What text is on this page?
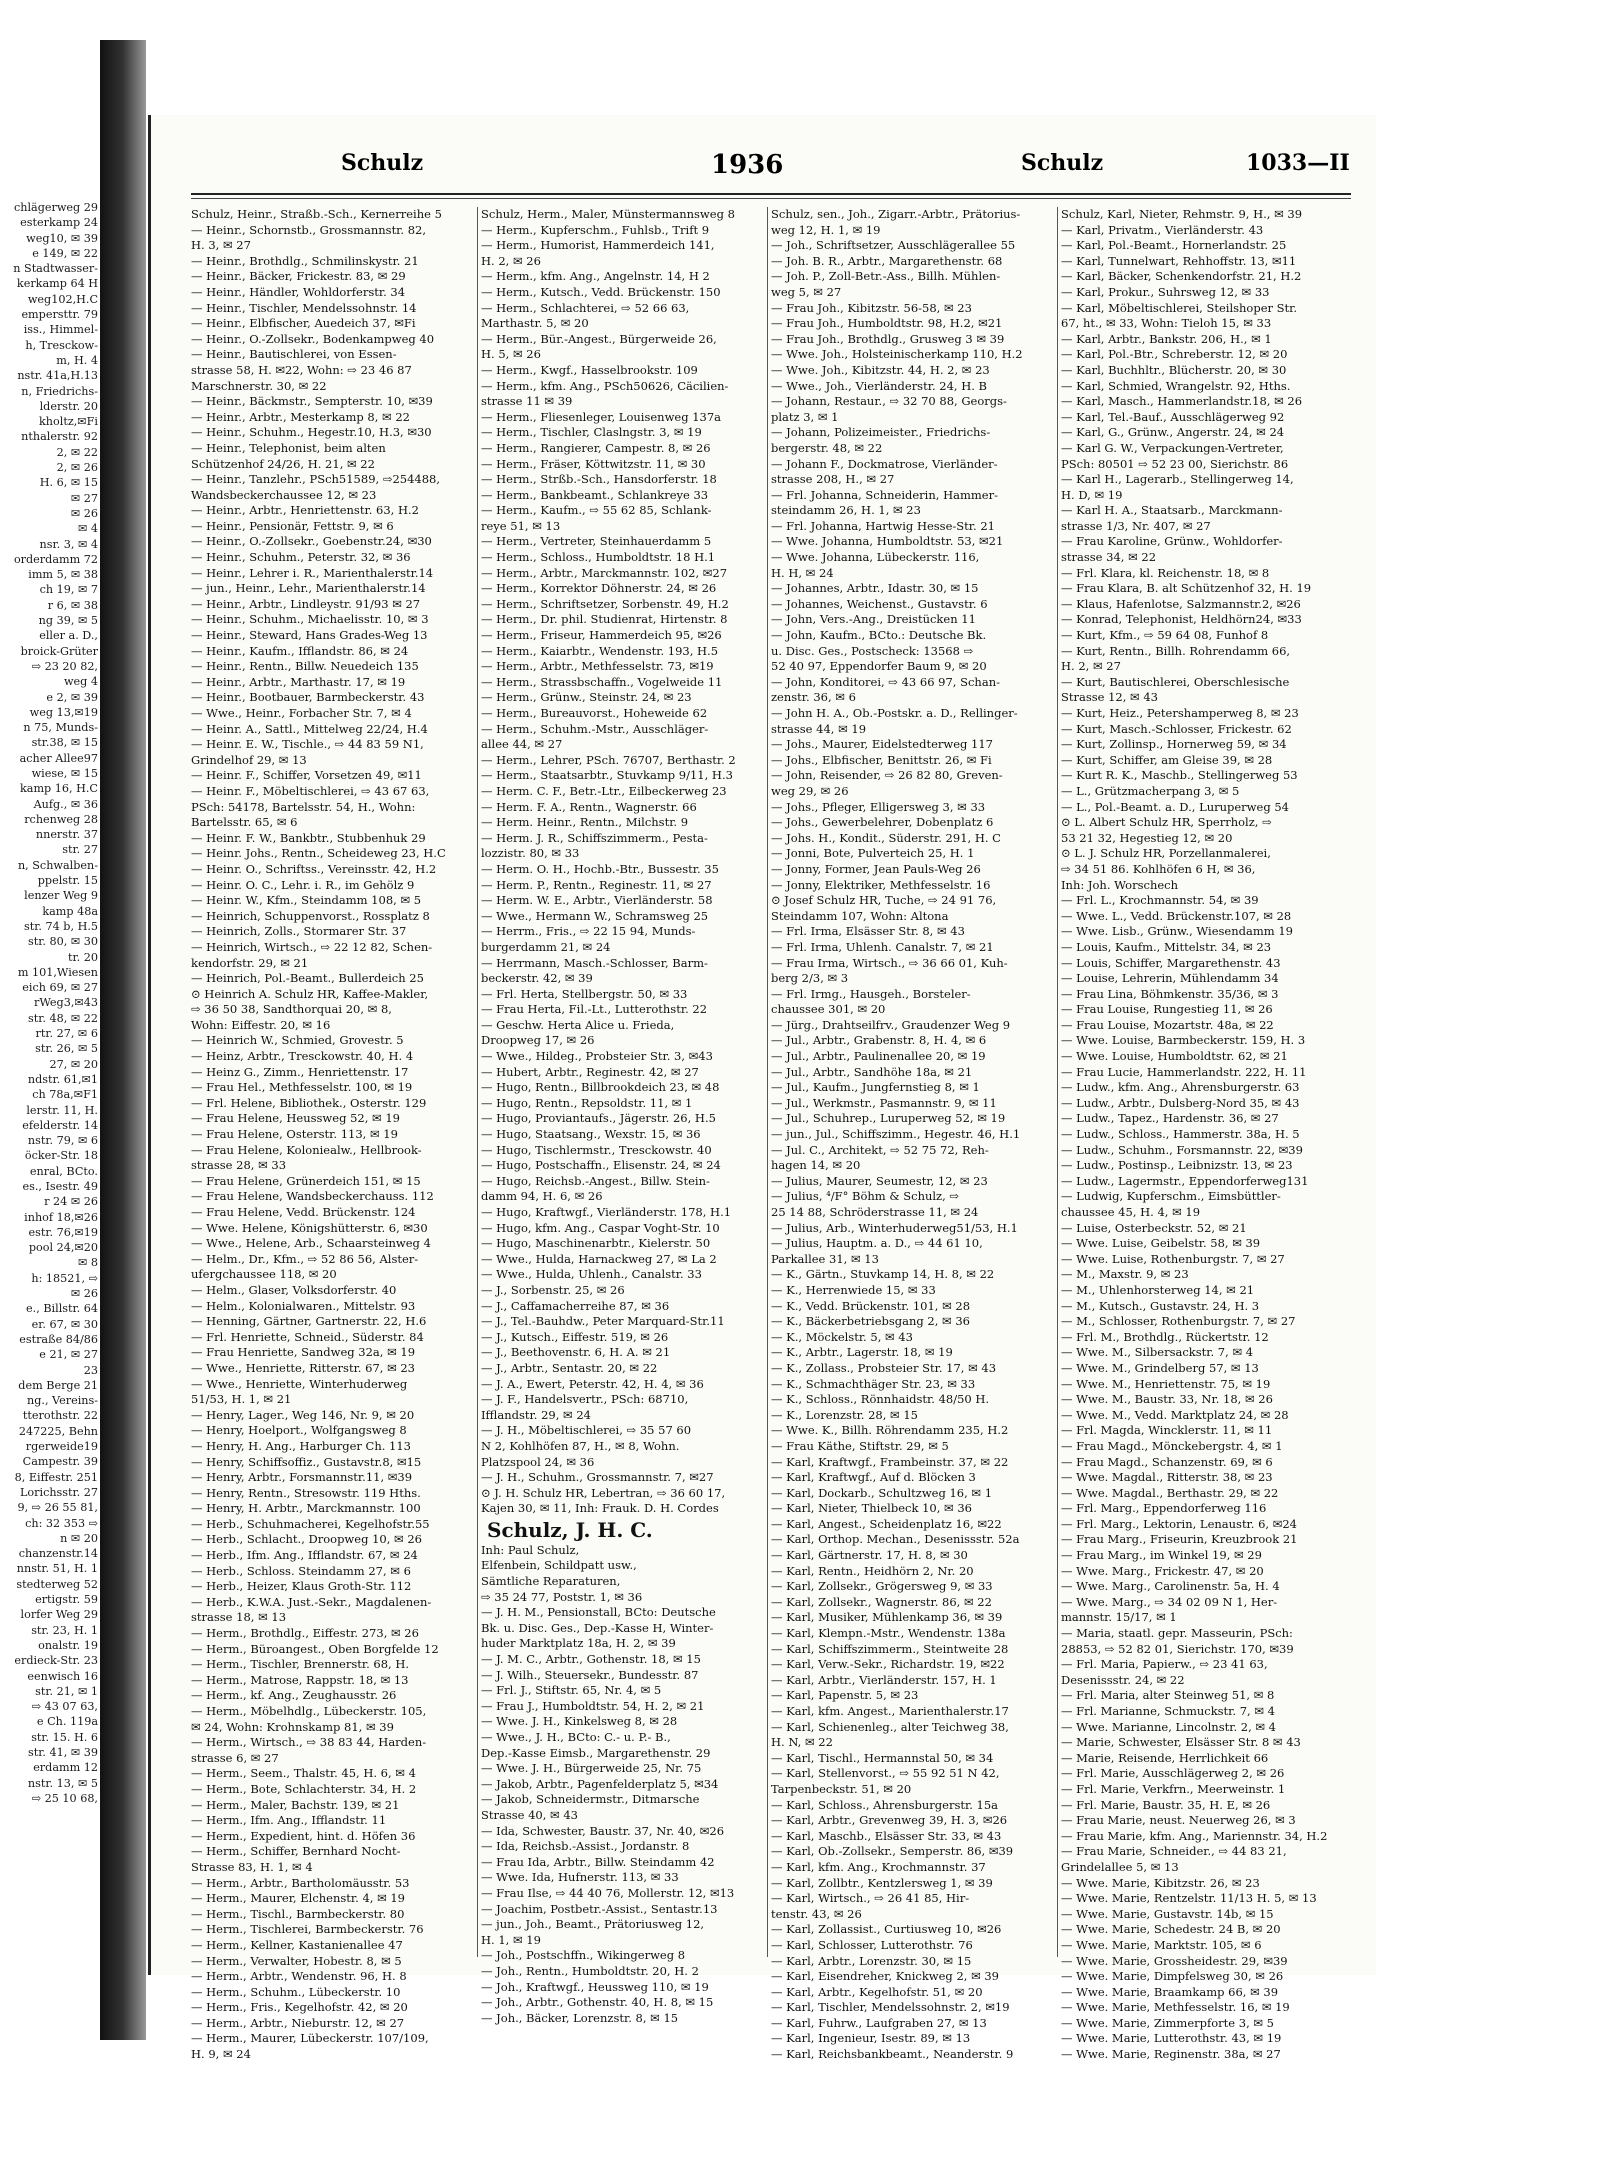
chlägerweg 29
esterkamp 24
weg10, ✉ 39
e 149, ✉ 22
n Stadtwasser-
kerkamp 64 H
weg102,H.C
empersttr. 79
iss., Himmel-
h, Tresckow-
m, H. 4
nstr. 41a,H.13
n, Friedrichs-
lderstr. 20
kholtz,✉Fi
nthalerstr. 92
2, ✉ 22
2, ✉ 26
H. 6, ✉ 15
✉ 27
✉ 26
✉ 4
nsr. 3, ✉ 4
orderdamm 72
imm 5, ✉ 38
ch 19, ✉ 7
r 6, ✉ 38
ng 39, ✉ 5
eller a. D.,
broick-Grüter
⇨ 23 20 82,
weg 4
e 2, ✉ 39
weg 13,✉19
n 75, Munds-
str.38, ✉ 15
acher Allee97
wiese, ✉ 15
kamp 16, H.C
Aufg., ✉ 36
rchenweg 28
nnerstr. 37
str. 27
n, Schwalben-
ppelstr. 15
lenzer Weg 9
kamp 48a
str. 74 b, H.5
str. 80, ✉ 30
tr. 20
m 101,Wiesen
eich 69, ✉ 27
rWeg3,✉43
str. 48, ✉ 22
rtr. 27, ✉ 6
str. 26, ✉ 5
27, ✉ 20
ndstr. 61,✉1
ch 78a,✉F1
lerstr. 11, H.
efelderstr. 14
nstr. 79, ✉ 6
öcker-Str. 18
enral, BCto.
es., Isestr. 49
r 24 ✉ 26
inhof 18,✉26
estr. 76,✉19
pool 24,✉20
✉ 8
h: 18521, ⇨
✉ 26
e., Billstr. 64
er. 67, ✉ 30
estraße 84/86
e 21, ✉ 27
23
dem Berge 21
ng., Vereins-
tterothstr. 22
247225, Behn
rgerweide19
Campestr. 39
8, Eiffestr. 251
Lorichsstr. 27
9, ⇨ 26 55 81,
ch: 32 353 ⇨
n ✉ 20
chanzenstr.14
nnstr. 51, H. 1
stedterweg 52
ertigstr. 59
lorfer Weg 29
str. 23, H. 1
onalstr. 19
erdieck-Str. 23
eenwisch 16
str. 21, ✉ 1
⇨ 43 07 63,
e Ch. 119a
str. 15. H. 6
str. 41, ✉ 39
erdamm 12
nstr. 13, ✉ 5
⇨ 25 10 68,
Schulz	1936	Schulz	1033—II
Schulz, Heinr., Straßb.-Sch., Kernerreihe 5
— Heinr., Schornstb., Grossmannstr. 82,
H. 3, ✉ 27
— Heinr., Brothdlg., Schmilinskystr. 21
— Heinr., Bäcker, Frickestr. 83, ✉ 29
— Heinr., Händler, Wohldorferstr. 34
— Heinr., Tischler, Mendelssohnstr. 14
— Heinr., Elbfischer, Auedeich 37, ✉Fi
— Heinr., O.-Zollsekr., Bodenkampweg 40
— Heinr., Bautischlerei, von Essen-
strasse 58, H. ✉22, Wohn: ⇨ 23 46 87
Marschnerstr. 30, ✉ 22
— Heinr., Bäckmstr., Sempterstr. 10, ✉39
— Heinr., Arbtr., Mesterkamp 8, ✉ 22
— Heinr., Schuhm., Hegestr.10, H.3, ✉30
— Heinr., Telephonist, beim alten
Schützenhof 24/26, H. 21, ✉ 22
— Heinr., Tanzlehr., PSch51589, ⇨254488,
Wandsbeckerchaussee 12, ✉ 23
— Heinr., Arbtr., Henriettenstr. 63, H.2
— Heinr., Pensionär, Fettstr. 9, ✉ 6
— Heinr., O.-Zollsekr., Goebenstr.24, ✉30
— Heinr., Schuhm., Peterstr. 32, ✉ 36
— Heinr., Lehrer i. R., Marienthalerstr.14
— jun., Heinr., Lehr., Marienthalerstr.14
— Heinr., Arbtr., Lindleystr. 91/93 ✉ 27
— Heinr., Schuhm., Michaelisstr. 10, ✉ 3
— Heinr., Steward, Hans Grades-Weg 13
— Heinr., Kaufm., Ifflandstr. 86, ✉ 24
— Heinr., Rentn., Billw. Neuedeich 135
— Heinr., Arbtr., Marthastr. 17, ✉ 19
— Heinr., Bootbauer, Barmbeckerstr. 43
— Wwe., Heinr., Forbacher Str. 7, ✉ 4
— Heinr. A., Sattl., Mittelweg 22/24, H.4
— Heinr. E. W., Tischle., ⇨ 44 83 59 N1,
Grindelhof 29, ✉ 13
— Heinr. F., Schiffer, Vorsetzen 49, ✉11
— Heinr. F., Möbeltischlerei, ⇨ 43 67 63,
PSch: 54178, Bartelsstr. 54, H., Wohn:
Bartelsstr. 65, ✉ 6
— Heinr. F. W., Bankbtr., Stubbenhuk 29
— Heinr. Johs., Rentn., Scheideweg 23, H.C
— Heinr. O., Schriftss., Vereinsstr. 42, H.2
— Heinr. O. C., Lehr. i. R., im Gehölz 9
— Heinr. W., Kfm., Steindamm 108, ✉ 5
— Heinrich, Schuppenvorst., Rossplatz 8
— Heinrich, Zolls., Stormarer Str. 37
— Heinrich, Wirtsch., ⇨ 22 12 82, Schen-
kendorfstr. 29, ✉ 21
— Heinrich, Pol.-Beamt., Bullerdeich 25
⊙ Heinrich A. Schulz HR, Kaffee-Makler,
⇨ 36 50 38, Sandthorquai 20, ✉ 8,
Wohn: Eiffestr. 20, ✉ 16
— Heinrich W., Schmied, Grovestr. 5
— Heinz, Arbtr., Tresckowstr. 40, H. 4
— Heinz G., Zimm., Henriettenstr. 17
— Frau Hel., Methfesselstr. 100, ✉ 19
— Frl. Helene, Bibliothek., Osterstr. 129
— Frau Helene, Heussweg 52, ✉ 19
— Frau Helene, Osterstr. 113, ✉ 19
— Frau Helene, Koloniealw., Hellbrook-
strasse 28, ✉ 33
— Frau Helene, Grünerdeich 151, ✉ 15
— Frau Helene, Wandsbeckerchauss. 112
— Frau Helene, Vedd. Brückenstr. 124
— Wwe. Helene, Königshütterstr. 6, ✉30
— Wwe., Helene, Arb., Schaarsteinweg 4
— Helm., Dr., Kfm., ⇨ 52 86 56, Alster-
ufergchaussee 118, ✉ 20
— Helm., Glaser, Volksdorferstr. 40
— Helm., Kolonialwaren., Mittelstr. 93
— Henning, Gärtner, Gartnerstr. 22, H.6
— Frl. Henriette, Schneid., Süderstr. 84
— Frau Henriette, Sandweg 32a, ✉ 19
— Wwe., Henriette, Ritterstr. 67, ✉ 23
— Wwe., Henriette, Winterhuderweg
51/53, H. 1, ✉ 21
— Henry, Lager., Weg 146, Nr. 9, ✉ 20
— Henry, Hoelport., Wolfgangsweg 8
— Henry, H. Ang., Harburger Ch. 113
— Henry, Schiffsoffiz., Gustavstr.8, ✉15
— Henry, Arbtr., Forsmannstr.11, ✉39
— Henry, Rentn., Stresowstr. 119 Hths.
— Henry, H. Arbtr., Marckmannstr. 100
— Herb., Schuhmacherei, Kegelhofstr.55
— Herb., Schlacht., Droopweg 10, ✉ 26
— Herb., Ifm. Ang., Ifflandstr. 67, ✉ 24
— Herb., Schloss. Steindamm 27, ✉ 6
— Herb., Heizer, Klaus Groth-Str. 112
— Herb., K.W.A. Just.-Sekr., Magdalenen-
strasse 18, ✉ 13
— Herm., Brothdlg., Eiffestr. 273, ✉ 26
— Herm., Büroangest., Oben Borgfelde 12
— Herm., Tischler, Brennerstr. 68, H.
— Herm., Matrose, Rappstr. 18, ✉ 13
— Herm., kf. Ang., Zeughausstr. 26
— Herm., Möbelhdlg., Lübeckerstr. 105,
✉ 24, Wohn: Krohnskamp 81, ✉ 39
— Herm., Wirtsch., ⇨ 38 83 44, Harden-
strasse 6, ✉ 27
— Herm., Seem., Thalstr. 45, H. 6, ✉ 4
— Herm., Bote, Schlachterstr. 34, H. 2
— Herm., Maler, Bachstr. 139, ✉ 21
— Herm., Ifm. Ang., Ifflandstr. 11
— Herm., Expedient, hint. d. Höfen 36
— Herm., Schiffer, Bernhard Nocht-
Strasse 83, H. 1, ✉ 4
— Herm., Arbtr., Bartholomäusstr. 53
— Herm., Maurer, Elchenstr. 4, ✉ 19
— Herm., Tischl., Barmbeckerstr. 80
— Herm., Tischlerei, Barmbeckerstr. 76
— Herm., Kellner, Kastanienallee 47
— Herm., Verwalter, Hobestr. 8, ✉ 5
— Herm., Arbtr., Wendenstr. 96, H. 8
— Herm., Schuhm., Lübeckerstr. 10
— Herm., Fris., Kegelhofstr. 42, ✉ 20
— Herm., Arbtr., Nieburstr. 12, ✉ 27
— Herm., Maurer, Lübeckerstr. 107/109,
H. 9, ✉ 24
Schulz, Herm., Maler, Münstermannsweg 8
— Herm., Kupferschm., Fuhlsb., Trift 9
— Herm., Humorist, Hammerdeich 141,
H. 2, ✉ 26
— Herm., kfm. Ang., Angelnstr. 14, H 2
— Herm., Kutsch., Vedd. Brückenstr. 150
— Herm., Schlachterei, ⇨ 52 66 63,
Marthastr. 5, ✉ 20
— Herm., Bür.-Angest., Bürgerweide 26,
H. 5, ✉ 26
— Herm., Kwgf., Hasselbrookstr. 109
— Herm., kfm. Ang., PSch50626, Cäcilien-
strasse 11 ✉ 39
— Herm., Fliesenleger, Louisenweg 137a
— Herm., Tischler, Claslngstr. 3, ✉ 19
— Herm., Rangierer, Campestr. 8, ✉ 26
— Herm., Fräser, Köttwitzstr. 11, ✉ 30
— Herm., Strßb.-Sch., Hansdorferstr. 18
— Herm., Bankbeamt., Schlankreye 33
— Herm., Kaufm., ⇨ 55 62 85, Schlank-
reye 51, ✉ 13
— Herm., Vertreter, Steinhauerdamm 5
— Herm., Schloss., Humboldtstr. 18 H.1
— Herm., Arbtr., Marckmannstr. 102, ✉27
— Herm., Korrektor Döhnerstr. 24, ✉ 26
— Herm., Schriftsetzer, Sorbenstr. 49, H.2
— Herm., Dr. phil. Studienrat, Hirtenstr. 8
— Herm., Friseur, Hammerdeich 95, ✉26
— Herm., Kaiarbtr., Wendenstr. 193, H.5
— Herm., Arbtr., Methfesselstr. 73, ✉19
— Herm., Strassbschaffn., Vogelweide 11
— Herm., Grünw., Steinstr. 24, ✉ 23
— Herm., Bureauvorst., Hoheweide 62
— Herm., Schuhm.-Mstr., Ausschläger-
allee 44, ✉ 27
— Herm., Lehrer, PSch. 76707, Berthastr. 2
— Herm., Staatsarbtr., Stuvkamp 9/11, H.3
— Herm. C. F., Betr.-Ltr., Eilbeckerweg 23
— Herm. F. A., Rentn., Wagnerstr. 66
— Herm. Heinr., Rentn., Milchstr. 9
— Herm. J. R., Schiffszimmerm., Pesta-
lozzistr. 80, ✉ 33
— Herm. O. H., Hochb.-Btr., Bussestr. 35
— Herm. P., Rentn., Reginestr. 11, ✉ 27
— Herm. W. E., Arbtr., Vierländerstr. 58
— Wwe., Hermann W., Schramsweg 25
— Herrm., Fris., ⇨ 22 15 94, Munds-
burgerdamm 21, ✉ 24
— Herrmann, Masch.-Schlosser, Barm-
beckerstr. 42, ✉ 39
— Frl. Herta, Stellbergstr. 50, ✉ 33
— Frau Herta, Fil.-Lt., Lutterothstr. 22
— Geschw. Herta Alice u. Frieda,
Droopweg 17, ✉ 26
— Wwe., Hildeg., Probsteier Str. 3, ✉43
— Hubert, Arbtr., Reginestr. 42, ✉ 27
— Hugo, Rentn., Billbrookdeich 23, ✉ 48
— Hugo, Rentn., Repsoldstr. 11, ✉ 1
— Hugo, Proviantaufs., Jägerstr. 26, H.5
— Hugo, Staatsang., Wexstr. 15, ✉ 36
— Hugo, Tischlermstr., Tresckowstr. 40
— Hugo, Postschaffn., Elisenstr. 24, ✉ 24
— Hugo, Reichsb.-Angest., Billw. Stein-
damm 94, H. 6, ✉ 26
— Hugo, Kraftwgf., Vierländerstr. 178, H.1
— Hugo, kfm. Ang., Caspar Voght-Str. 10
— Hugo, Maschinenarbtr., Kielerstr. 50
— Wwe., Hulda, Harnackweg 27, ✉ La 2
— Wwe., Hulda, Uhlenh., Canalstr. 33
— J., Sorbenstr. 25, ✉ 26
— J., Caffamacherreihe 87, ✉ 36
— J., Tel.-Bauhdw., Peter Marquard-Str.11
— J., Kutsch., Eiffestr. 519, ✉ 26
— J., Beethovenstr. 6, H. A. ✉ 21
— J., Arbtr., Sentastr. 20, ✉ 22
— J. A., Ewert, Peterstr. 42, H. 4, ✉ 36
— J. F., Handelsvertr., PSch: 68710,
Ifflandstr. 29, ✉ 24
— J. H., Möbeltischlerei, ⇨ 35 57 60
N 2, Kohlhöfen 87, H., ✉ 8, Wohn.
Platzspool 24, ✉ 36
— J. H., Schuhm., Grossmannstr. 7, ✉27
⊙ J. H. Schulz HR, Lebertran, ⇨ 36 60 17,
Kajen 30, ✉ 11, Inh: Frauk. D. H. Cordes
Schulz, J. H. C.
Inh: Paul Schulz,
Elfenbein, Schildpatt usw.,
Sämtliche Reparaturen,
⇨ 35 24 77, Poststr. 1, ✉ 36
— J. H. M., Pensionstall, BCto: Deutsche
Bk. u. Disc. Ges., Dep.-Kasse H, Winter-
huder Marktplatz 18a, H. 2, ✉ 39
— J. M. C., Arbtr., Gothenstr. 18, ✉ 15
— J. Wilh., Steuersekr., Bundesstr. 87
— Frl. J., Stiftstr. 65, Nr. 4, ✉ 5
— Frau J., Humboldtstr. 54, H. 2, ✉ 21
— Wwe. J. H., Kinkelsweg 8, ✉ 28
— Wwe., J. H., BCto: C.- u. P.- B.,
Dep.-Kasse Eimsb., Margarethenstr. 29
— Wwe. J. H., Bürgerweide 25, Nr. 75
— Jakob, Arbtr., Pagenfelderplatz 5, ✉34
— Jakob, Schneidermstr., Ditmarsche
Strasse 40, ✉ 43
— Ida, Schwester, Baustr. 37, Nr. 40, ✉26
— Ida, Reichsb.-Assist., Jordanstr. 8
— Frau Ida, Arbtr., Billw. Steindamm 42
— Wwe. Ida, Hufnerstr. 113, ✉ 33
— Frau Ilse, ⇨ 44 40 76, Mollerstr. 12, ✉13
— Joachim, Postbetr.-Assist., Sentastr.13
— jun., Joh., Beamt., Prätoriusweg 12,
H. 1, ✉ 19
— Joh., Postschffn., Wikingerweg 8
— Joh., Rentn., Humboldtstr. 20, H. 2
— Joh., Kraftwgf., Heussweg 110, ✉ 19
— Joh., Arbtr., Gothenstr. 40, H. 8, ✉ 15
— Joh., Bäcker, Lorenzstr. 8, ✉ 15
Schulz, sen., Joh., Zigarr.-Arbtr., Prätorius-
weg 12, H. 1, ✉ 19
— Joh., Schriftsetzer, Ausschlägerallee 55
— Joh. B. R., Arbtr., Margarethenstr. 68
— Joh. P., Zoll-Betr.-Ass., Billh. Mühlen-
weg 5, ✉ 27
— Frau Joh., Kibitzstr. 56-58, ✉ 23
— Frau Joh., Humboldtstr. 98, H.2, ✉21
— Frau Joh., Brothdlg., Grusweg 3 ✉ 39
— Wwe. Joh., Holsteinischerkamp 110, H.2
— Wwe. Joh., Kibitzstr. 44, H. 2, ✉ 23
— Wwe., Joh., Vierländerstr. 24, H. B
— Johann, Restaur., ⇨ 32 70 88, Georgs-
platz 3, ✉ 1
— Johann, Polizeimeister., Friedrichs-
bergerstr. 48, ✉ 22
— Johann F., Dockmatrose, Vierländer-
strasse 208, H., ✉ 27
— Frl. Johanna, Schneiderin, Hammer-
steindamm 26, H. 1, ✉ 23
— Frl. Johanna, Hartwig Hesse-Str. 21
— Wwe. Johanna, Humboldtstr. 53, ✉21
— Wwe. Johanna, Lübeckerstr. 116,
H. H, ✉ 24
— Johannes, Arbtr., Idastr. 30, ✉ 15
— Johannes, Weichenst., Gustavstr. 6
— John, Vers.-Ang., Dreistücken 11
— John, Kaufm., BCto.: Deutsche Bk.
u. Disc. Ges., Postscheck: 13568 ⇨
52 40 97, Eppendorfer Baum 9, ✉ 20
— John, Konditorei, ⇨ 43 66 97, Schan-
zenstr. 36, ✉ 6
— John H. A., Ob.-Postskr. a. D., Rellinger-
strasse 44, ✉ 19
— Johs., Maurer, Eidelstedterweg 117
— Johs., Elbfischer, Benittstr. 26, ✉ Fi
— John, Reisender, ⇨ 26 82 80, Greven-
weg 29, ✉ 26
— Johs., Pfleger, Elligersweg 3, ✉ 33
— Johs., Gewerbelehrer, Dobenplatz 6
— Johs. H., Kondit., Süderstr. 291, H. C
— Jonni, Bote, Pulverteich 25, H. 1
— Jonny, Former, Jean Pauls-Weg 26
— Jonny, Elektriker, Methfesselstr. 16
⊙ Josef Schulz HR, Tuche, ⇨ 24 91 76,
Steindamm 107, Wohn: Altona
— Frl. Irma, Elsässer Str. 8, ✉ 43
— Frl. Irma, Uhlenh. Canalstr. 7, ✉ 21
— Frau Irma, Wirtsch., ⇨ 36 66 01, Kuh-
berg 2/3, ✉ 3
— Frl. Irmg., Hausgeh., Borsteler-
chaussee 301, ✉ 20
— Jürg., Drahtseilfrv., Graudenzer Weg 9
— Jul., Arbtr., Grabenstr. 8, H. 4, ✉ 6
— Jul., Arbtr., Paulinenallee 20, ✉ 19
— Jul., Arbtr., Sandhöhe 18a, ✉ 21
— Jul., Kaufm., Jungfernstieg 8, ✉ 1
— Jul., Werkmstr., Pasmannstr. 9, ✉ 11
— Jul., Schuhrep., Luruperweg 52, ✉ 19
— jun., Jul., Schiffszimm., Hegestr. 46, H.1
— Jul. C., Architekt, ⇨ 52 75 72, Reh-
hagen 14, ✉ 20
— Julius, Maurer, Seumestr, 12, ✉ 23
— Julius, ⁴/F° Böhm & Schulz, ⇨
25 14 88, Schröderstrasse 11, ✉ 24
— Julius, Arb., Winterhuderweg51/53, H.1
— Julius, Hauptm. a. D., ⇨ 44 61 10,
Parkallee 31, ✉ 13
— K., Gärtn., Stuvkamp 14, H. 8, ✉ 22
— K., Herrenwiede 15, ✉ 33
— K., Vedd. Brückenstr. 101, ✉ 28
— K., Bäckerbetriebsgang 2, ✉ 36
— K., Möckelstr. 5, ✉ 43
— K., Arbtr., Lagerstr. 18, ✉ 19
— K., Zollass., Probsteier Str. 17, ✉ 43
— K., Schmachthäger Str. 23, ✉ 33
— K., Schloss., Rönnhaidstr. 48/50 H.
— K., Lorenzstr. 28, ✉ 15
— Wwe. K., Billh. Röhrendamm 235, H.2
— Frau Käthe, Stiftstr. 29, ✉ 5
— Karl, Kraftwgf., Frambeinstr. 37, ✉ 22
— Karl, Kraftwgf., Auf d. Blöcken 3
— Karl, Dockarb., Schultzweg 16, ✉ 1
— Karl, Nieter, Thielbeck 10, ✉ 36
— Karl, Angest., Scheidenplatz 16, ✉22
— Karl, Orthop. Mechan., Desenissstr. 52a
— Karl, Gärtnerstr. 17, H. 8, ✉ 30
— Karl, Rentn., Heidhörn 2, Nr. 20
— Karl, Zollsekr., Grögersweg 9, ✉ 33
— Karl, Zollsekr., Wagnerstr. 86, ✉ 22
— Karl, Musiker, Mühlenkamp 36, ✉ 39
— Karl, Klempn.-Mstr., Wendenstr. 138a
— Karl, Schiffszimmerm., Steintweite 28
— Karl, Verw.-Sekr., Richardstr. 19, ✉22
— Karl, Arbtr., Vierländerstr. 157, H. 1
— Karl, Papenstr. 5, ✉ 23
— Karl, kfm. Angest., Marienthalerstr.17
— Karl, Schienenleg., alter Teichweg 38,
H. N, ✉ 22
— Karl, Tischl., Hermannstal 50, ✉ 34
— Karl, Stellenvorst., ⇨ 55 92 51 N 42,
Tarpenbeckstr. 51, ✉ 20
— Karl, Schloss., Ahrensburgerstr. 15a
— Karl, Arbtr., Grevenweg 39, H. 3, ✉26
— Karl, Maschb., Elsässer Str. 33, ✉ 43
— Karl, Ob.-Zollsekr., Semperstr. 86, ✉39
— Karl, kfm. Ang., Krochmannstr. 37
— Karl, Zollbtr., Kentzlersweg 1, ✉ 39
— Karl, Wirtsch., ⇨ 26 41 85, Hir-
tenstr. 43, ✉ 26
— Karl, Zollassist., Curtiusweg 10, ✉26
— Karl, Schlosser, Lutterothstr. 76
— Karl, Arbtr., Lorenzstr. 30, ✉ 15
— Karl, Eisendreher, Knickweg 2, ✉ 39
— Karl, Arbtr., Kegelhofstr. 51, ✉ 20
— Karl, Tischler, Mendelssohnstr. 2, ✉19
— Karl, Fuhrw., Laufgraben 27, ✉ 13
— Karl, Ingenieur, Isestr. 89, ✉ 13
— Karl, Reichsbankbeamt., Neanderstr. 9
Schulz, Karl, Nieter, Rehmstr. 9, H., ✉ 39
— Karl, Privatm., Vierländerstr. 43
— Karl, Pol.-Beamt., Hornerlandstr. 25
— Karl, Tunnelwart, Rehhoffstr. 13, ✉11
— Karl, Bäcker, Schenkendorfstr. 21, H.2
— Karl, Prokur., Suhrsweg 12, ✉ 33
— Karl, Möbeltischlerei, Steilshoper Str.
67, ht., ✉ 33, Wohn: Tieloh 15, ✉ 33
— Karl, Arbtr., Bankstr. 206, H., ✉ 1
— Karl, Pol.-Btr., Schreberstr. 12, ✉ 20
— Karl, Buchhltr., Blücherstr. 20, ✉ 30
— Karl, Schmied, Wrangelstr. 92, Hths.
— Karl, Masch., Hammerlandstr.18, ✉ 26
— Karl, Tel.-Bauf., Ausschlägerweg 92
— Karl, G., Grünw., Angerstr. 24, ✉ 24
— Karl G. W., Verpackungen-Vertreter,
PSch: 80501 ⇨ 52 23 00, Sierichstr. 86
— Karl H., Lagerarb., Stellingerweg 14,
H. D, ✉ 19
— Karl H. A., Staatsarb., Marckmann-
strasse 1/3, Nr. 407, ✉ 27
— Frau Karoline, Grünw., Wohldorfer-
strasse 34, ✉ 22
— Frl. Klara, kl. Reichenstr. 18, ✉ 8
— Frau Klara, B. alt Schützenhof 32, H. 19
— Klaus, Hafenlotse, Salzmannstr.2, ✉26
— Konrad, Telephonist, Heldhörn24, ✉33
— Kurt, Kfm., ⇨ 59 64 08, Funhof 8
— Kurt, Rentn., Billh. Rohrendamm 66,
H. 2, ✉ 27
— Kurt, Bautischlerei, Oberschlesische
Strasse 12, ✉ 43
— Kurt, Heiz., Petershamperweg 8, ✉ 23
— Kurt, Masch.-Schlosser, Frickestr. 62
— Kurt, Zollinsp., Hornerweg 59, ✉ 34
— Kurt, Schiffer, am Gleise 39, ✉ 28
— Kurt R. K., Maschb., Stellingerweg 53
— L., Grützmacherpang 3, ✉ 5
— L., Pol.-Beamt. a. D., Luruperweg 54
⊙ L. Albert Schulz HR, Sperrholz, ⇨
53 21 32, Hegestieg 12, ✉ 20
⊙ L. J. Schulz HR, Porzellanmalerei,
⇨ 34 51 86. Kohlhöfen 6 H, ✉ 36,
Inh: Joh. Worschech
— Frl. L., Krochmannstr. 54, ✉ 39
— Wwe. L., Vedd. Brückenstr.107, ✉ 28
— Wwe. Lisb., Grünw., Wiesendamm 19
— Louis, Kaufm., Mittelstr. 34, ✉ 23
— Louis, Schiffer, Margarethenstr. 43
— Louise, Lehrerin, Mühlendamm 34
— Frau Lina, Böhmkenstr. 35/36, ✉ 3
— Frau Louise, Rungestieg 11, ✉ 26
— Frau Louise, Mozartstr. 48a, ✉ 22
— Wwe. Louise, Barmbeckerstr. 159, H. 3
— Wwe. Louise, Humboldtstr. 62, ✉ 21
— Frau Lucie, Hammerlandstr. 222, H. 11
— Ludw., kfm. Ang., Ahrensburgerstr. 63
— Ludw., Arbtr., Dulsberg-Nord 35, ✉ 43
— Ludw., Tapez., Hardenstr. 36, ✉ 27
— Ludw., Schloss., Hammerstr. 38a, H. 5
— Ludw., Schuhm., Forsmannstr. 22, ✉39
— Ludw., Postinsp., Leibnizstr. 13, ✉ 23
— Ludw., Lagermstr., Eppendorferweg131
— Ludwig, Kupferschm., Eimsbüttler-
chaussee 45, H. 4, ✉ 19
— Luise, Osterbeckstr. 52, ✉ 21
— Wwe. Luise, Geibelstr. 58, ✉ 39
— Wwe. Luise, Rothenburgstr. 7, ✉ 27
— M., Maxstr. 9, ✉ 23
— M., Uhlenhorsterweg 14, ✉ 21
— M., Kutsch., Gustavstr. 24, H. 3
— M., Schlosser, Rothenburgstr. 7, ✉ 27
— Frl. M., Brothdlg., Rückertstr. 12
— Wwe. M., Silbersackstr. 7, ✉ 4
— Wwe. M., Grindelberg 57, ✉ 13
— Wwe. M., Henriettenstr. 75, ✉ 19
— Wwe. M., Baustr. 33, Nr. 18, ✉ 26
— Wwe. M., Vedd. Marktplatz 24, ✉ 28
— Frl. Magda, Wincklerstr. 11, ✉ 11
— Frau Magd., Mönckebergstr. 4, ✉ 1
— Frau Magd., Schanzenstr. 69, ✉ 6
— Wwe. Magdal., Ritterstr. 38, ✉ 23
— Wwe. Magdal., Berthastr. 29, ✉ 22
— Frl. Marg., Eppendorferweg 116
— Frl. Marg., Lektorin, Lenaustr. 6, ✉24
— Frau Marg., Friseurin, Kreuzbrook 21
— Frau Marg., im Winkel 19, ✉ 29
— Wwe. Marg., Frickestr. 47, ✉ 20
— Wwe. Marg., Carolinenstr. 5a, H. 4
— Wwe. Marg., ⇨ 34 02 09 N 1, Her-
mannstr. 15/17, ✉ 1
— Maria, staatl. gepr. Masseurin, PSch:
28853, ⇨ 52 82 01, Sierichstr. 170, ✉39
— Frl. Maria, Papierw., ⇨ 23 41 63,
Desenissstr. 24, ✉ 22
— Frl. Maria, alter Steinweg 51, ✉ 8
— Frl. Marianne, Schmuckstr. 7, ✉ 4
— Wwe. Marianne, Lincolnstr. 2, ✉ 4
— Marie, Schwester, Elsässer Str. 8 ✉ 43
— Marie, Reisende, Herrlichkeit 66
— Frl. Marie, Ausschlägerweg 2, ✉ 26
— Frl. Marie, Verkfrn., Meerweinstr. 1
— Frl. Marie, Baustr. 35, H. E, ✉ 26
— Frau Marie, neust. Neuerweg 26, ✉ 3
— Frau Marie, kfm. Ang., Mariennstr. 34, H.2
— Frau Marie, Schneider., ⇨ 44 83 21,
Grindelallee 5, ✉ 13
— Wwe. Marie, Kibitzstr. 26, ✉ 23
— Wwe. Marie, Rentzelstr. 11/13 H. 5, ✉ 13
— Wwe. Marie, Gustavstr. 14b, ✉ 15
— Wwe. Marie, Schedestr. 24 B, ✉ 20
— Wwe. Marie, Marktstr. 105, ✉ 6
— Wwe. Marie, Grossheidestr. 29, ✉39
— Wwe. Marie, Dimpfelsweg 30, ✉ 26
— Wwe. Marie, Braamkamp 66, ✉ 39
— Wwe. Marie, Methfesselstr. 16, ✉ 19
— Wwe. Marie, Zimmerpforte 3, ✉ 5
— Wwe. Marie, Lutterothstr. 43, ✉ 19
— Wwe. Marie, Reginenstr. 38a, ✉ 27
